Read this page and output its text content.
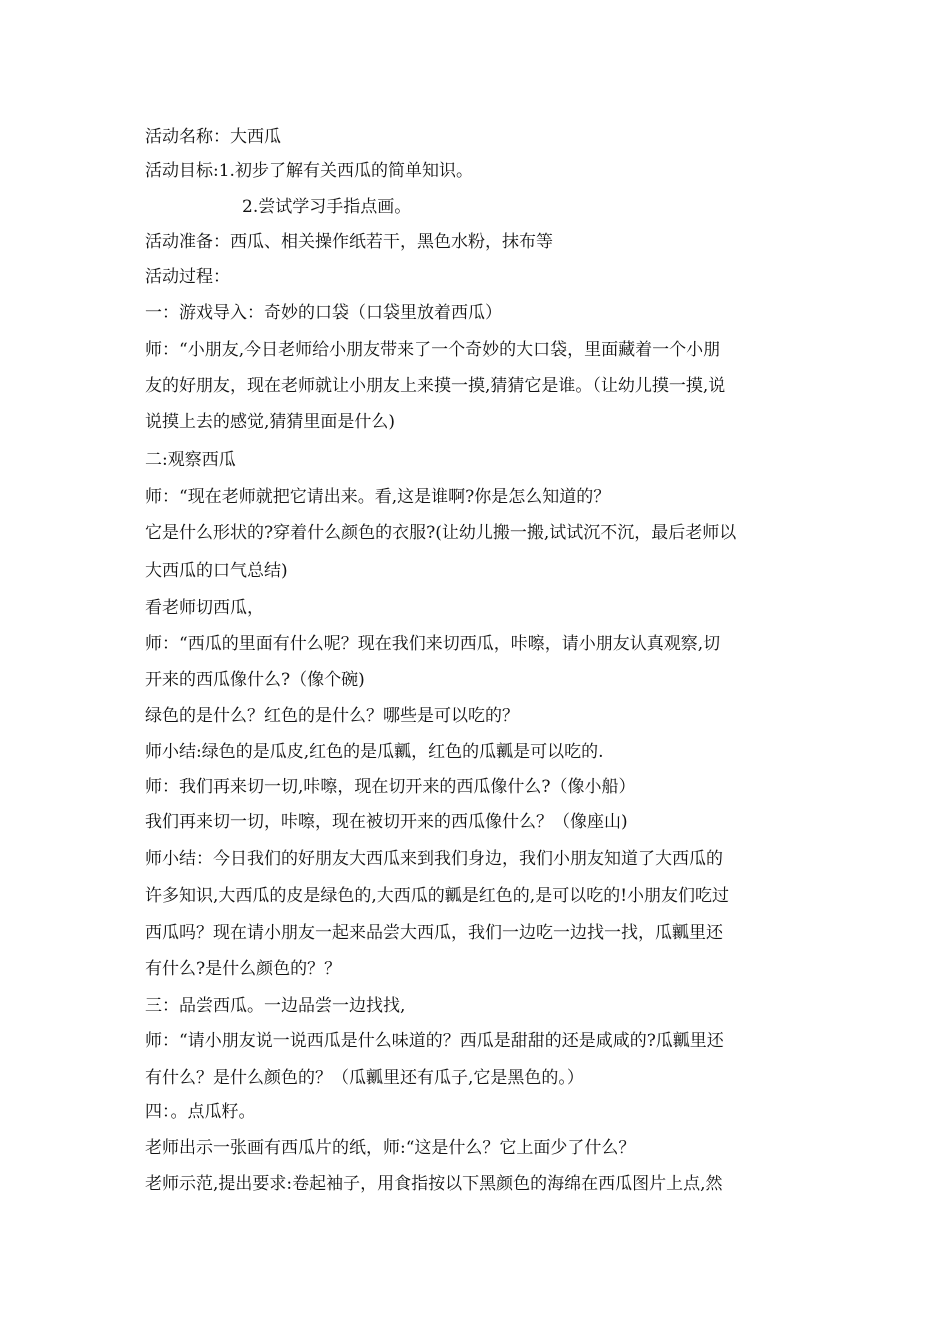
活动名称：大西瓜
活动目标:1.初步了解有关西瓜的简单知识。
2.尝试学习手指点画。
活动准备：西瓜、相关操作纸若干，黑色水粉，抹布等
活动过程：
一：游戏导入：奇妙的口袋（口袋里放着西瓜）
师：“小朋友,今日老师给小朋友带来了一个奇妙的大口袋，里面藏着一个小朋
友的好朋友，现在老师就让小朋友上来摸一摸,猜猜它是谁。（让幼儿摸一摸,说
说摸上去的感觉,猜猜里面是什么)
二:观察西瓜
师：“现在老师就把它请出来。看,这是谁啊?你是怎么知道的？
它是什么形状的?穿着什么颜色的衣服?(让幼儿搬一搬,试试沉不沉，最后老师以
大西瓜的口气总结)
看老师切西瓜，
师：“西瓜的里面有什么呢？现在我们来切西瓜，咔嚓，请小朋友认真观察,切
开来的西瓜像什么?（像个碗)
绿色的是什么？红色的是什么？哪些是可以吃的？
师小结:绿色的是瓜皮,红色的是瓜瓤，红色的瓜瓤是可以吃的.
师：我们再来切一切,咔嚓，现在切开来的西瓜像什么?（像小船）
我们再来切一切，咔嚓，现在被切开来的西瓜像什么？（像座山)
师小结：今日我们的好朋友大西瓜来到我们身边，我们小朋友知道了大西瓜的
许多知识,大西瓜的皮是绿色的,大西瓜的瓤是红色的,是可以吃的!小朋友们吃过
西瓜吗？现在请小朋友一起来品尝大西瓜，我们一边吃一边找一找，瓜瓤里还
有什么?是什么颜色的？？
三：品尝西瓜。一边品尝一边找找,
师：“请小朋友说一说西瓜是什么味道的？西瓜是甜甜的还是咸咸的?瓜瓤里还
有什么？是什么颜色的？（瓜瓤里还有瓜子,它是黑色的。）
四：。点瓜籽。
老师出示一张画有西瓜片的纸，师:“这是什么？它上面少了什么？
老师示范,提出要求:卷起袖子，用食指按以下黑颜色的海绵在西瓜图片上点,然
